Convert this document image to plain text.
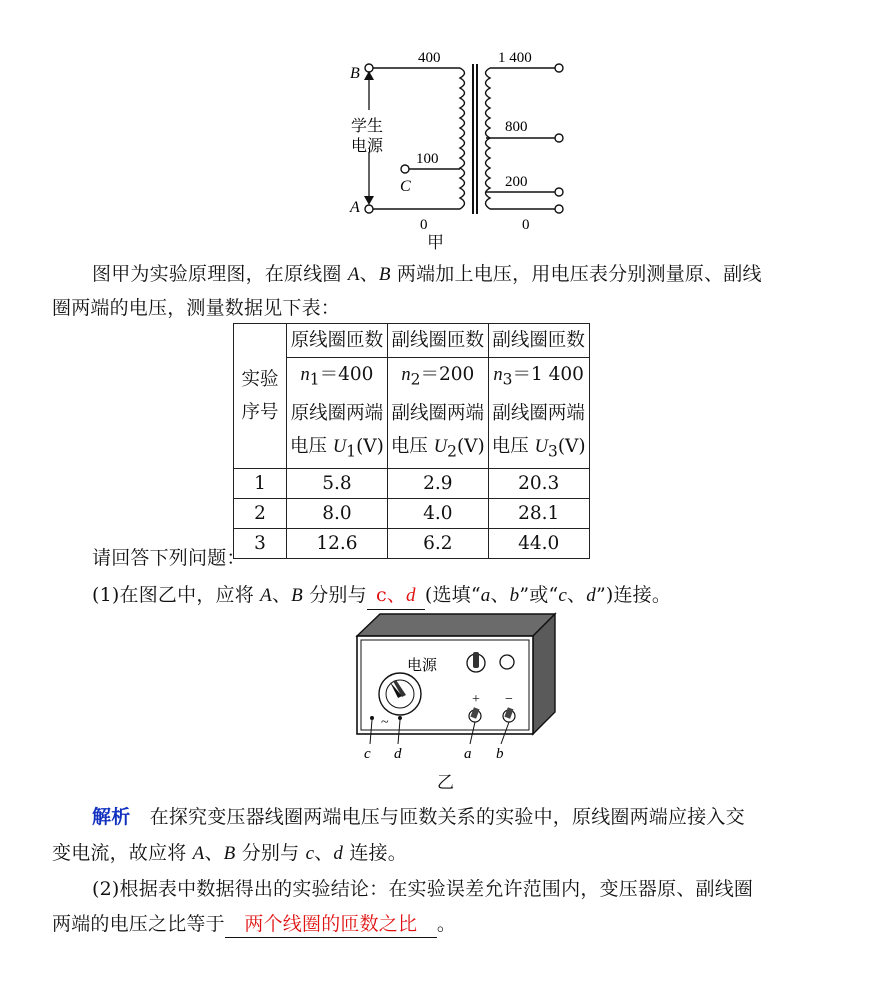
B
A
C
学生
电源
400
100
0
1 400
800
200
0
甲
图甲为实验原理图，在原线圈 A、B 两端加上电压，用电压表分别测量原、副线
圈两端的电压，测量数据见下表：
实验
序号	原线圈匝数	副线圈匝数	副线圈匝数
	$n_1=400$	$n_2=200$	$n_3=1$ 400
	原线圈两端	副线圈两端	副线圈两端
	电压 $U_1(V)$	电压 $U_2(V)$	电压 $U_3(V)$
1	5.8	2.9	20.3
2	8.0	4.0	28.1
3	12.6	6.2	44.0
请回答下列问题：
(1)在图乙中，应将 A、B 分别与 c、d (选填“a、b”或“c、d”)连接。
电源
+ −
~
c d	a b
乙
解析　在探究变压器线圈两端电压与匝数关系的实验中，原线圈两端应接入交
变电流，故应将 A、B 分别与 c、d 连接。
(2)根据表中数据得出的实验结论：在实验误差允许范围内，变压器原、副线圈
两端的电压之比等于 两个线圈的匝数之比 。
